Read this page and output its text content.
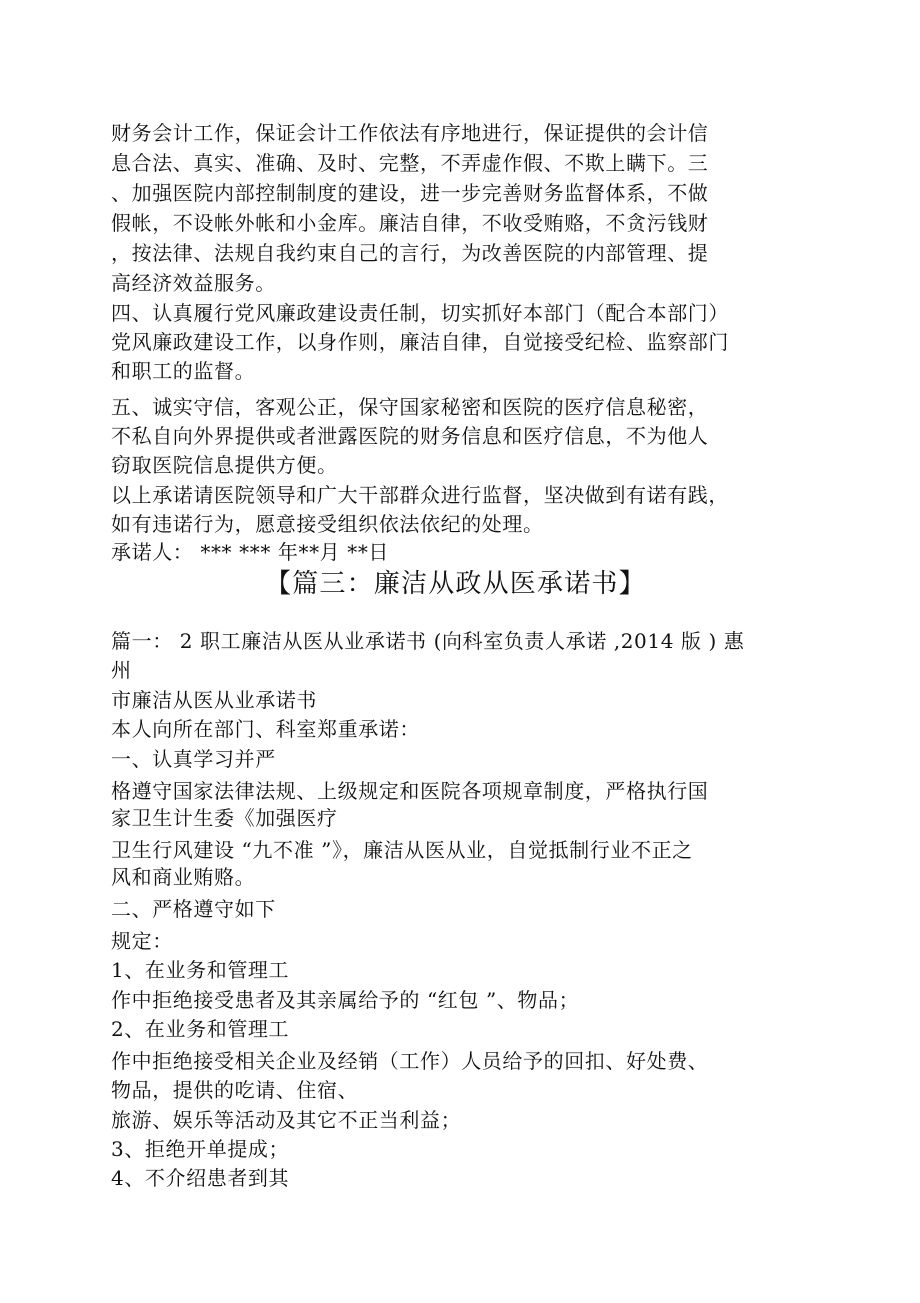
财务会计工作，保证会计工作依法有序地进行，保证提供的会计信
息合法、真实、准确、及时、完整，不弄虚作假、不欺上瞒下。三
、加强医院内部控制制度的建设，进一步完善财务监督体系，不做
假帐，不设帐外帐和小金库。廉洁自律，不收受贿赂，不贪污钱财
，按法律、法规自我约束自己的言行，为改善医院的内部管理、提
高经济效益服务。
四、认真履行党风廉政建设责任制，切实抓好本部门（配合本部门）
党风廉政建设工作，以身作则，廉洁自律，自觉接受纪检、监察部门
和职工的监督。
五、诚实守信，客观公正，保守国家秘密和医院的医疗信息秘密，
不私自向外界提供或者泄露医院的财务信息和医疗信息，不为他人
窃取医院信息提供方便。
以上承诺请医院领导和广大干部群众进行监督，坚决做到有诺有践，
如有违诺行为，愿意接受组织依法依纪的处理。
承诺人： *** *** 年**月 **日
【篇三：廉洁从政从医承诺书】
篇一： 2 职工廉洁从医从业承诺书 (向科室负责人承诺 ,2014 版 ) 惠
州
市廉洁从医从业承诺书
本人向所在部门、科室郑重承诺：
一、认真学习并严
格遵守国家法律法规、上级规定和医院各项规章制度，严格执行国
家卫生计生委《加强医疗
卫生行风建设 “九不准 ”》，廉洁从医从业，自觉抵制行业不正之
风和商业贿赂。
二、严格遵守如下
规定：
1、在业务和管理工
作中拒绝接受患者及其亲属给予的 “红包 ”、物品；
2、在业务和管理工
作中拒绝接受相关企业及经销（工作）人员给予的回扣、好处费、
物品，提供的吃请、住宿、
旅游、娱乐等活动及其它不正当利益；
3、拒绝开单提成；
4、不介绍患者到其
